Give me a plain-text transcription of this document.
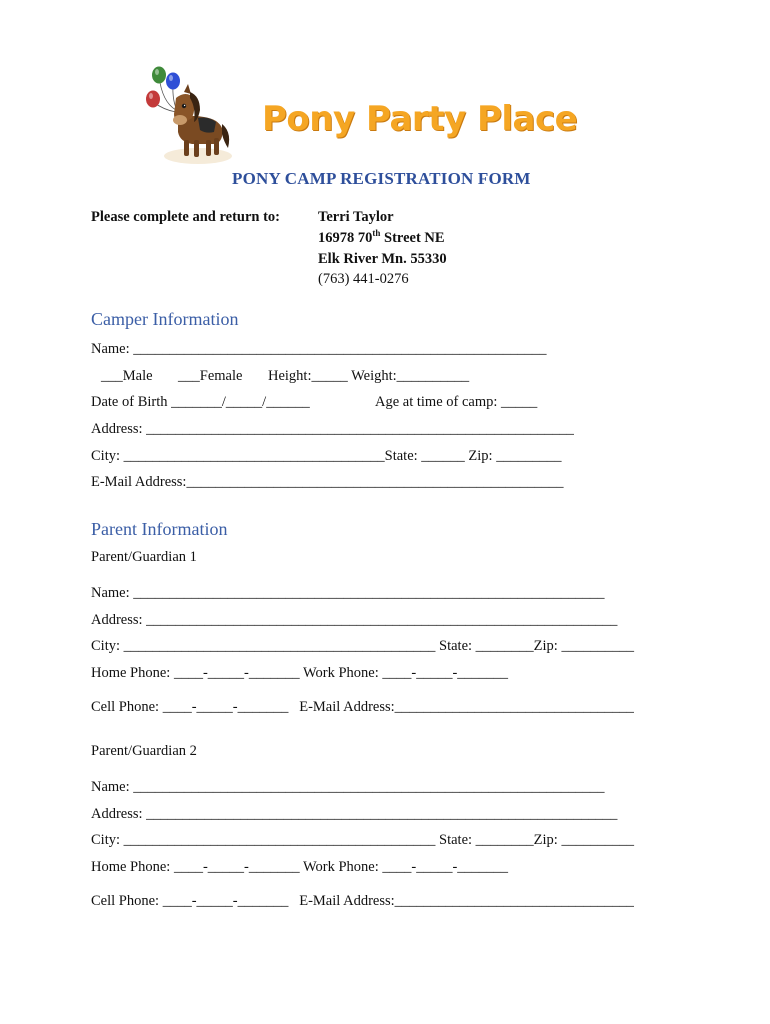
Pony Party Place
PONY CAMP REGISTRATION FORM
Please complete and return to:	Terri Taylor
16978 70th Street NE
Elk River Mn. 55330
(763) 441-0276
Camper Information
Name: _________________________________________________________
___Male ___Female Height:_____ Weight:__________
Date of Birth _______/_____/______	Age at time of camp: _____
Address: ___________________________________________________________
City: ____________________________________State: ______ Zip: _________
E-Mail Address:____________________________________________________
Parent Information
Parent/Guardian 1
Name: _________________________________________________________________
Address: _________________________________________________________________
City: ___________________________________________ State: ________Zip: __________
Home Phone: ____-_____-_______ Work Phone: ____-_____-_______
Cell Phone: ____-_____-_______   E-Mail Address:_________________________________
Parent/Guardian 2
Name: _________________________________________________________________
Address: _________________________________________________________________
City: ___________________________________________ State: ________Zip: __________
Home Phone: ____-_____-_______ Work Phone: ____-_____-_______
Cell Phone: ____-_____-_______   E-Mail Address:_________________________________
